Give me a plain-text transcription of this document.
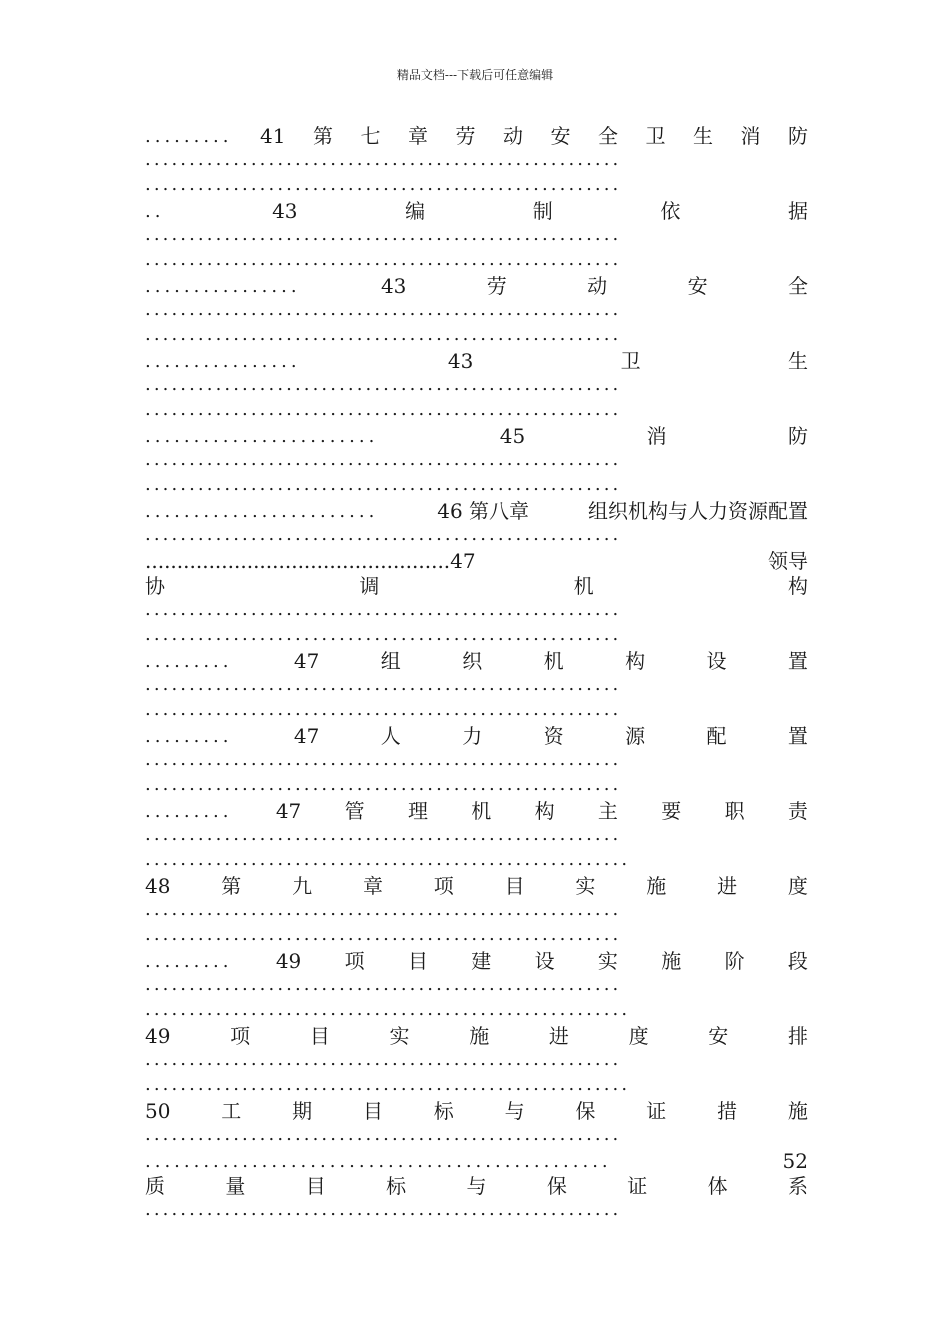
精品文档---下载后可任意编辑
......... 41 第 七 章 劳 动 安 全 卫 生 消 防
......................................................
......................................................
..	43	编	制	依	据
......................................................
......................................................
................	43	劳	动	安	全
......................................................
......................................................
................	43	卫	生
......................................................
......................................................
........................	45	消	防
......................................................
......................................................
........................	46 第八章	组织机构与人力资源配置
......................................................
................................................47	领导
协	调	机	构
......................................................
......................................................
.........	47	组	织	机	构	设	置
......................................................
......................................................
.........	47	人	力	资	源	配	置
......................................................
......................................................
......... 47 管 理 机 构 主 要 职 责
......................................................
.......................................................
48	第	九	章	项	目	实	施	进	度
......................................................
......................................................
......... 49 项 目 建 设 实 施 阶 段
......................................................
.......................................................
49	项	目	实	施	进	度	安	排
......................................................
.......................................................
50	工	期	目	标	与	保	证	措	施
......................................................
................................................	52
质	量	目	标	与	保	证	体	系
......................................................
